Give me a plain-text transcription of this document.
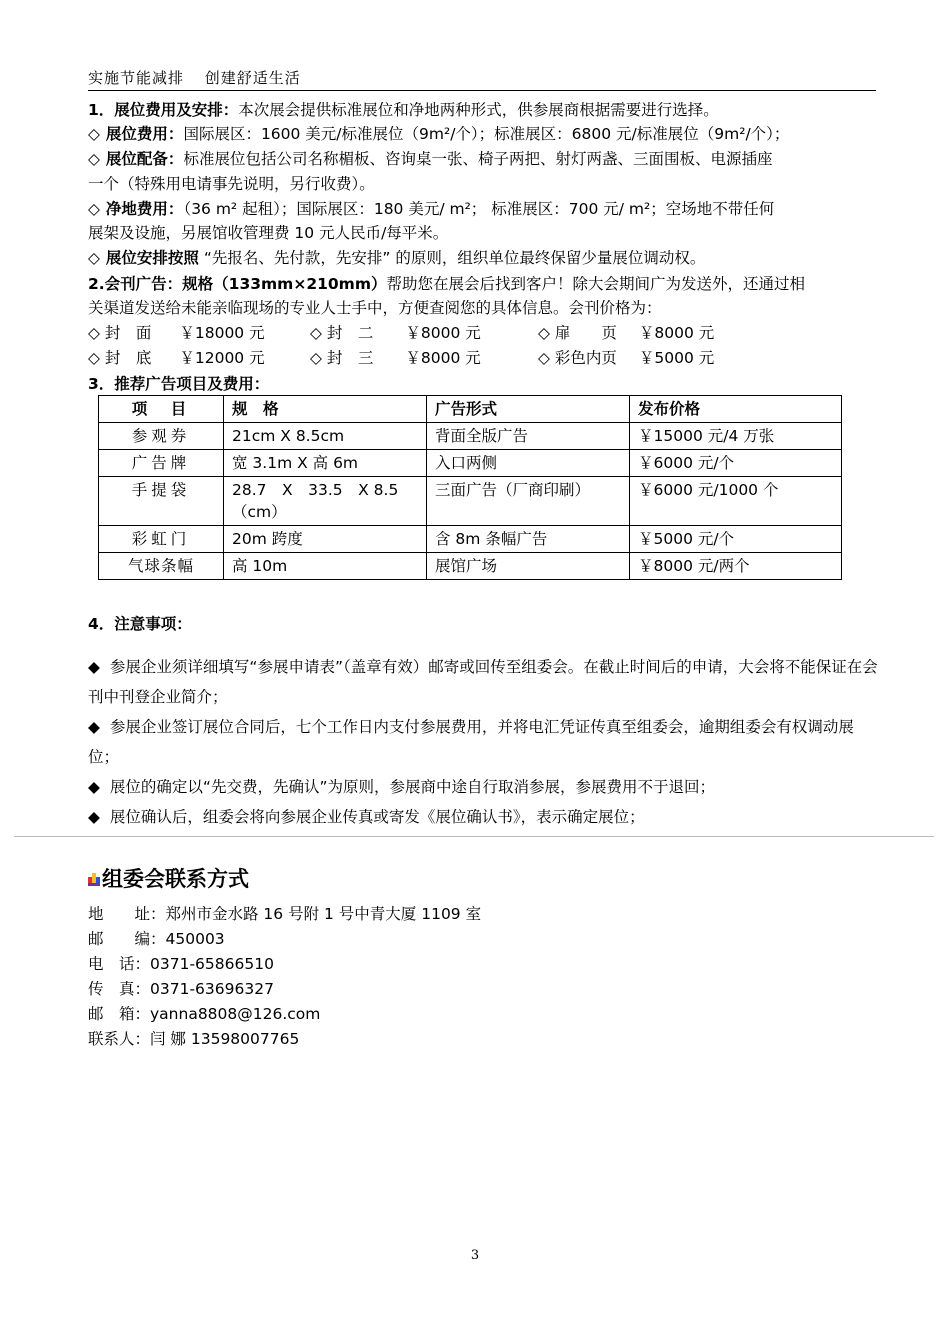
实施节能减排 创建舒适生活
1．展位费用及安排：本次展会提供标准展位和净地两种形式，供参展商根据需要进行选择。
◇ 展位费用：国际展区：1600 美元/标准展位（9m²/个）；标准展区：6800 元/标准展位（9m²/个）；
◇ 展位配备：标准展位包括公司名称楣板、咨询桌一张、椅子两把、射灯两盏、三面围板、电源插座
一个（特殊用电请事先说明，另行收费）。
◇ 净地费用：（36 m² 起租）；国际展区：180 美元/ m²； 标准展区：700 元/ m²；空场地不带任何
展架及设施，另展馆收管理费 10 元人民币/每平米。
◇ 展位安排按照 “先报名、先付款，先安排” 的原则，组织单位最终保留少量展位调动权。
2.会刊广告：规格（133mm×210mm）帮助您在展会后找到客户！除大会期间广为发送外，还通过相
关渠道发送给未能亲临现场的专业人士手中，方便查阅您的具体信息。会刊价格为：
◇ 封　面 ￥18000 元	◇ 封　二 ￥8000 元	◇ 扉　　页 ￥8000 元
◇ 封　底 ￥12000 元	◇ 封　三 ￥8000 元	◇ 彩色内页 ￥5000 元
3．推荐广告项目及费用：
项　目	规　格	广告形式	发布价格
参观券	21cm X 8.5cm	背面全版广告	￥15000 元/4 万张
广告牌	宽 3.1m X 高 6m	入口两侧	￥6000 元/个
手提袋	28.7　X　33.5　X 8.5（cm）	三面广告（厂商印刷）	￥6000 元/1000 个
彩虹门	20m 跨度	含 8m 条幅广告	￥5000 元/个
气球条幅	高 10m	展馆广场	￥8000 元/两个
4．注意事项：
◆ 参展企业须详细填写“参展申请表”（盖章有效）邮寄或回传至组委会。在截止时间后的申请，大会将不能保证在会刊中刊登企业简介；
◆ 参展企业签订展位合同后，七个工作日内支付参展费用，并将电汇凭证传真至组委会，逾期组委会有权调动展位；
◆ 展位的确定以“先交费，先确认”为原则，参展商中途自行取消参展，参展费用不于退回；
◆ 展位确认后，组委会将向参展企业传真或寄发《展位确认书》，表示确定展位；
组委会联系方式
地　　址：郑州市金水路 16 号附 1 号中青大厦 1109 室
邮　　编：450003
电　话：0371-65866510
传　真：0371-63696327
邮　箱：yanna8808@126.com
联系人：闫 娜 13598007765
3
